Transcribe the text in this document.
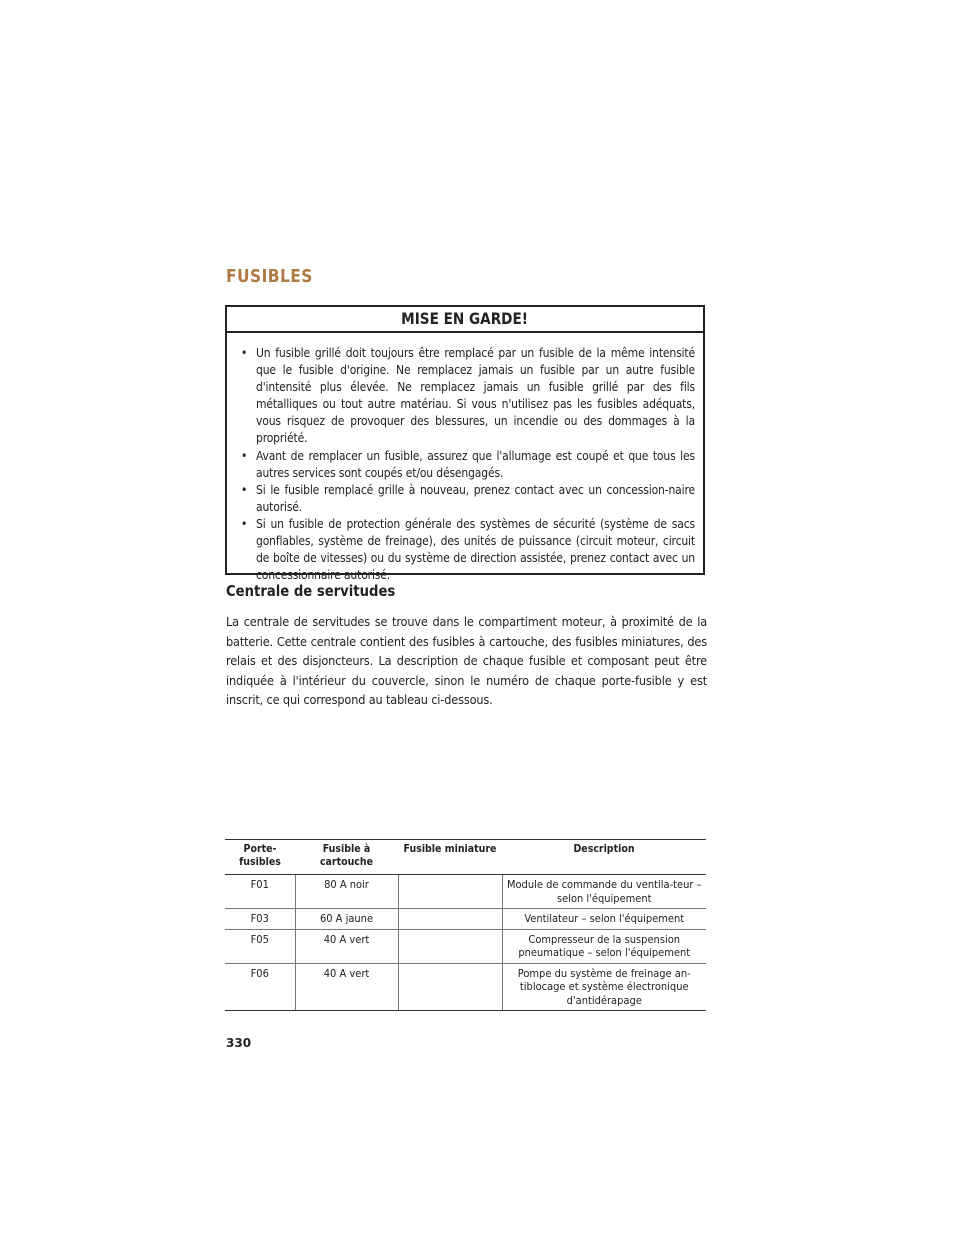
FUSIBLES
MISE EN GARDE!
• Un fusible grillé doit toujours être remplacé par un fusible de la même intensité que le fusible d'origine. Ne remplacez jamais un fusible par un autre fusible d'intensité plus élevée. Ne remplacez jamais un fusible grillé par des fils métalliques ou tout autre matériau. Si vous n'utilisez pas les fusibles adéquats, vous risquez de provoquer des blessures, un incendie ou des dommages à la propriété.
• Avant de remplacer un fusible, assurez que l'allumage est coupé et que tous les autres services sont coupés et/ou désengagés.
• Si le fusible remplacé grille à nouveau, prenez contact avec un concession-naire autorisé.
• Si un fusible de protection générale des systèmes de sécurité (système de sacs gonflables, système de freinage), des unités de puissance (circuit moteur, circuit de boîte de vitesses) ou du système de direction assistée, prenez contact avec un concessionnaire autorisé.
Centrale de servitudes

La centrale de servitudes se trouve dans le compartiment moteur, à proximité de la batterie. Cette centrale contient des fusibles à cartouche, des fusibles miniatures, des relais et des disjoncteurs. La description de chaque fusible et composant peut être indiquée à l'intérieur du couvercle, sinon le numéro de chaque porte-fusible y est inscrit, ce qui correspond au tableau ci-dessous.

Porte-fusibles	Fusible à cartouche	Fusible miniature	Description
F01	80 A noir		Module de commande du ventila-teur – selon l'équipement
F03	60 A jaune		Ventilateur – selon l'équipement
F05	40 A vert		Compresseur de la suspension pneumatique – selon l'équipement
F06	40 A vert		Pompe du système de freinage an-tiblocage et système électronique d'antidérapage
330
